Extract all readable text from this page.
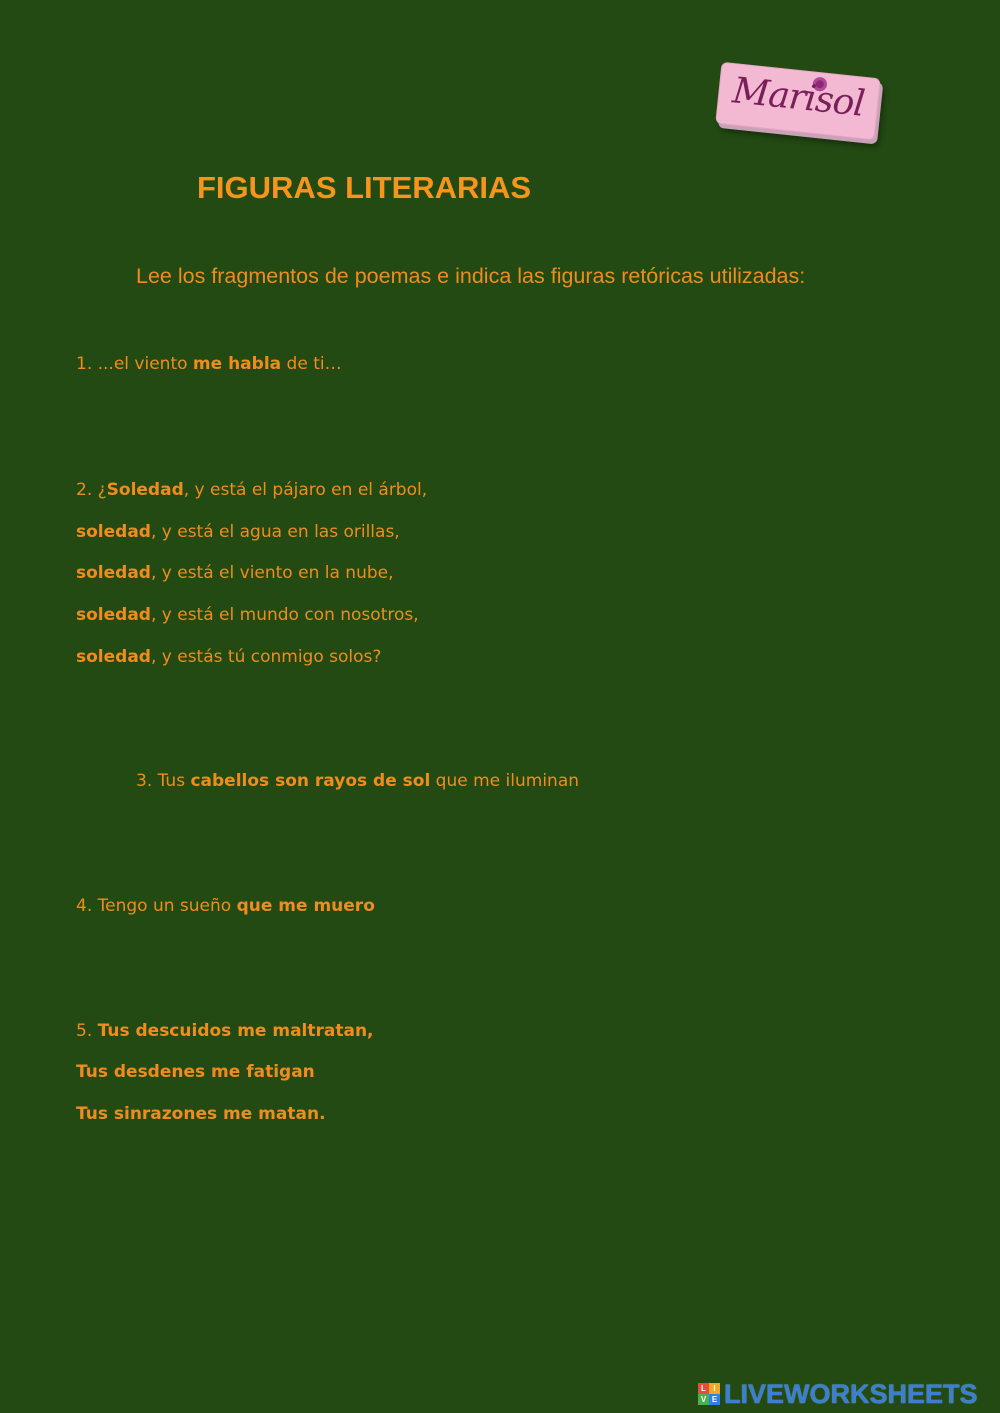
Marisol
FIGURAS LITERARIAS
Lee los fragmentos de poemas e indica las figuras retóricas utilizadas:
1. ...el viento me habla de ti…
2. ¿Soledad, y está el pájaro en el árbol,
soledad, y está el agua en las orillas,
soledad, y está el viento en la nube,
soledad, y está el mundo con nosotros,
soledad, y estás tú conmigo solos?
3. Tus cabellos son rayos de sol que me iluminan
4. Tengo un sueño que me muero
5. Tus descuidos me maltratan,
Tus desdenes me fatigan
Tus sinrazones me matan.
L I
V E LIVEWORKSHEETS
